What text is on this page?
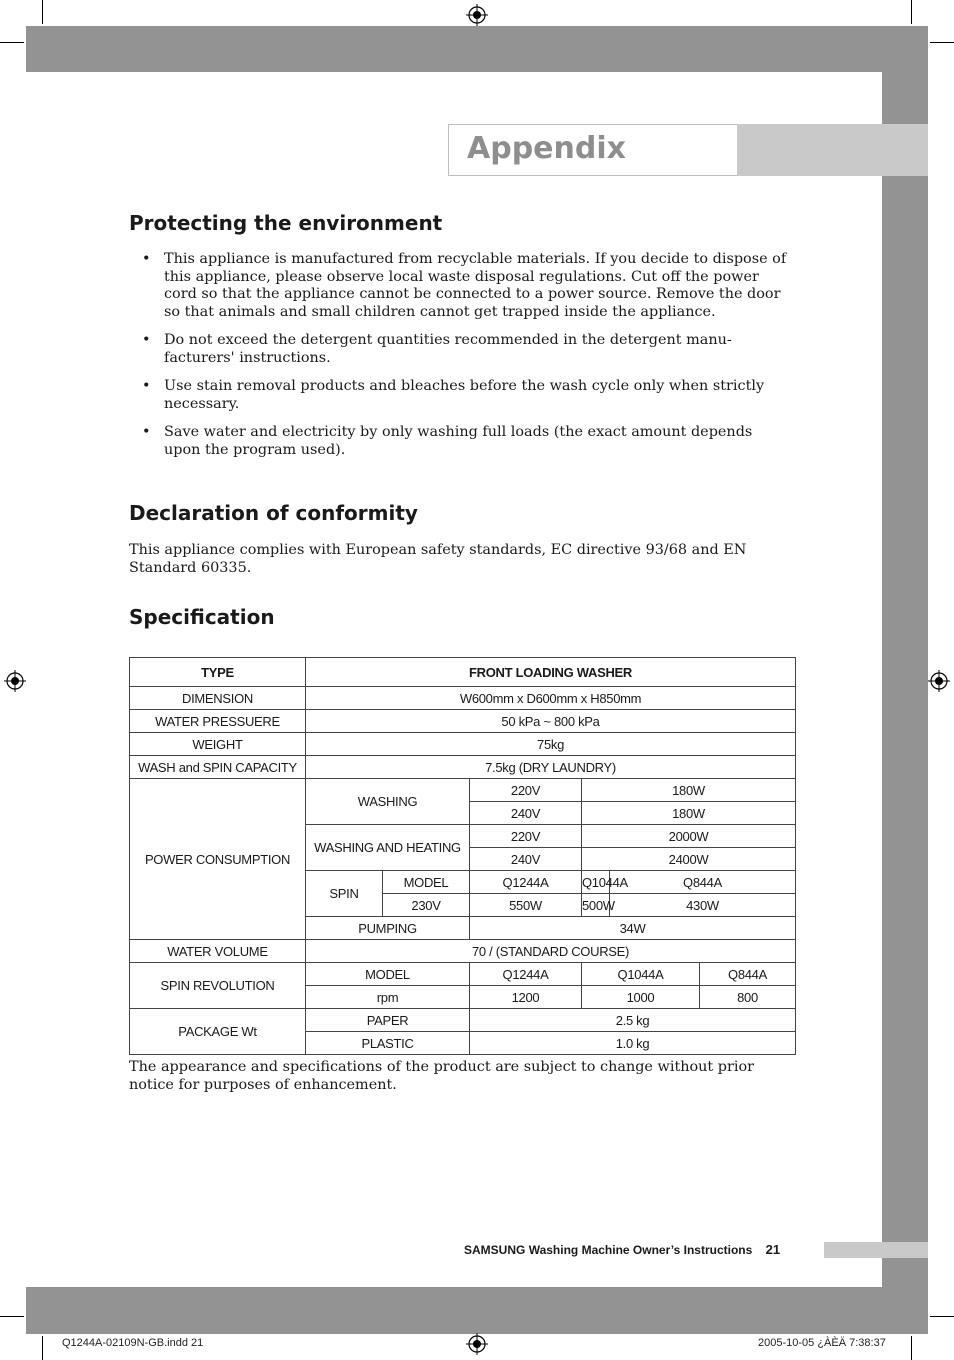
Appendix
Protecting the environment
• This appliance is manufactured from recyclable materials. If you decide to dispose of this appliance, please observe local waste disposal regulations. Cut off the power cord so that the appliance cannot be connected to a power source. Remove the door so that animals and small children cannot get trapped inside the appliance.
• Do not exceed the detergent quantities recommended in the detergent manu-facturers' instructions.
• Use stain removal products and bleaches before the wash cycle only when strictly necessary.
• Save water and electricity by only washing full loads (the exact amount depends upon the program used).
Declaration of conformity

This appliance complies with European safety standards, EC directive 93/68 and EN Standard 60335.

Specification
TYPE	FRONT LOADING WASHER					
DIMENSION	W600mm x D600mm x H850mm					
WATER PRESSUERE	50 kPa ~ 800 kPa					
WEIGHT	75kg					
WASH and SPIN CAPACITY	7.5kg (DRY LAUNDRY)					
POWER CONSUMPTION	WASHING		220V	180W		
			240V	180W		
	WASHING AND HEATING		220V	2000W		
			240V	2400W		
	SPIN	MODEL	Q1244A	Q1044A	Q844A	
		230V	550W	500W	430W	
	PUMPING		34W			
WATER VOLUME	70 / (STANDARD COURSE)					
SPIN REVOLUTION	MODEL		Q1244A	Q1044A		Q844A
	rpm		1200	1000		800
PACKAGE Wt	PAPER		2.5 kg			
	PLASTIC		1.0 kg			

The appearance and specifications of the product are subject to change without prior notice for purposes of enhancement.

SAMSUNG Washing Machine Owner’s Instructions 21
Q1244A-02109N-GB.indd 21	2005-10-05 ¿ÀÈÄ 7:38:37
